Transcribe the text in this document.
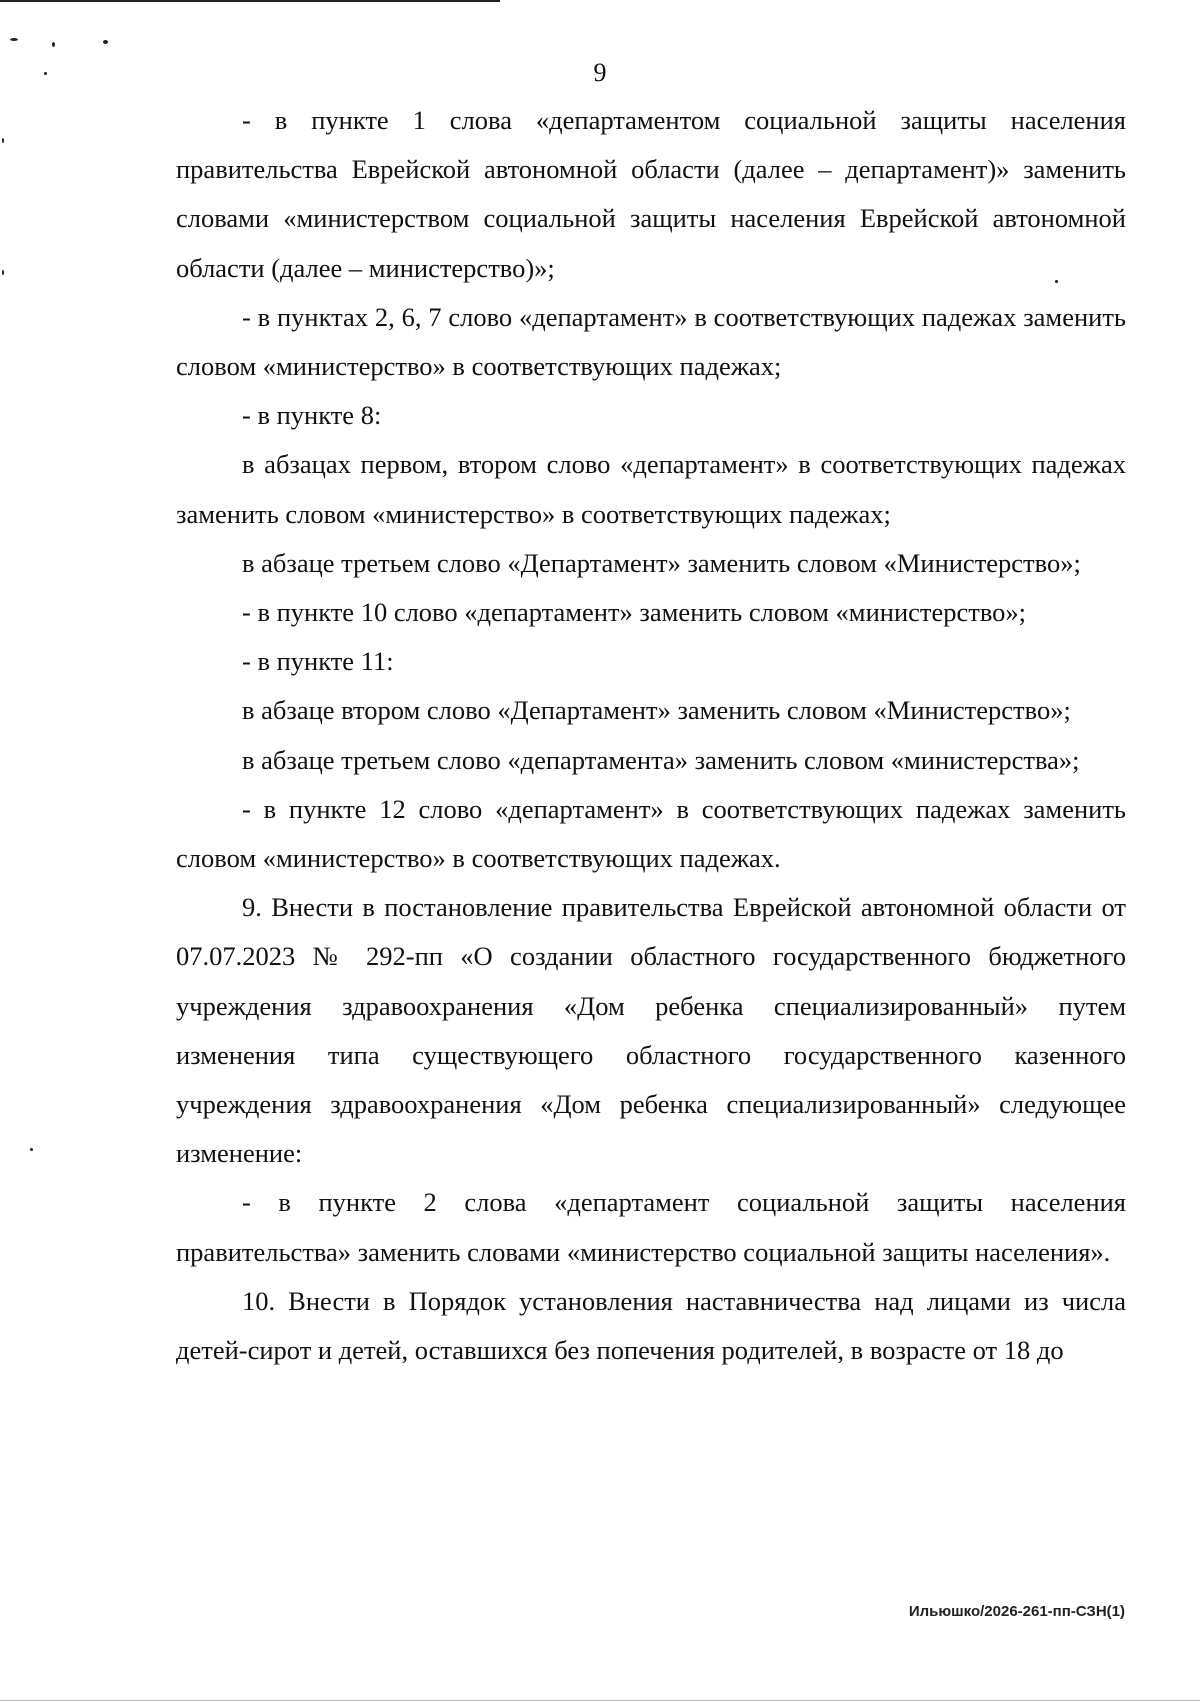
9

- в пункте 1 слова «департаментом социальной защиты населения правительства Еврейской автономной области (далее – департамент)» заменить словами «министерством социальной защиты населения Еврейской автономной области (далее – министерство)»;

- в пунктах 2, 6, 7 слово «департамент» в соответствующих падежах заменить словом «министерство» в соответствующих падежах;

- в пункте 8:

в абзацах первом, втором слово «департамент» в соответствующих падежах заменить словом «министерство» в соответствующих падежах;

в абзаце третьем слово «Департамент» заменить словом «Министерство»;

- в пункте 10 слово «департамент» заменить словом «министерство»;

- в пункте 11:

в абзаце втором слово «Департамент» заменить словом «Министерство»;

в абзаце третьем слово «департамента» заменить словом «министерства»;

- в пункте 12 слово «департамент» в соответствующих падежах заменить словом «министерство» в соответствующих падежах.

9. Внести в постановление правительства Еврейской автономной области от 07.07.2023 № 292-пп «О создании областного государственного бюджетного учреждения здравоохранения «Дом ребенка специализированный» путем изменения типа существующего областного государственного казенного учреждения здравоохранения «Дом ребенка специализированный» следующее изменение:

- в пункте 2 слова «департамент социальной защиты населения правительства» заменить словами «министерство социальной защиты населения».

10. Внести в Порядок установления наставничества над лицами из числа детей-сирот и детей, оставшихся без попечения родителей, в возрасте от 18 до

Ильюшко/2026-261-пп-СЗН(1)
